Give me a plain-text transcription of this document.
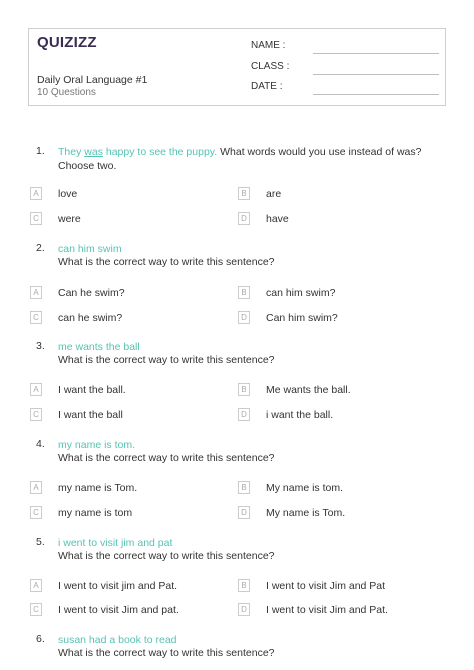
QUIZIZZ
Daily Oral Language #1
10 Questions
NAME :
CLASS :
DATE :
1. They was happy to see the puppy. What words would you use instead of was? Choose two.
A	love	B	are
C were	D have
2. can him swim
What is the correct way to write this sentence?
A	Can he swim?	B	can him swim?
C can he swim?	D Can him swim?
3. me wants the ball
What is the correct way to write this sentence?
A	I want the ball.	B	Me wants the ball.
C I want the ball	D i want the ball.
4. my name is tom.
What is the correct way to write this sentence?
A	my name is Tom.	B	My name is tom.
C my name is tom	D My name is Tom.
5. i went to visit jim and pat
What is the correct way to write this sentence?
A	I went to visit jim and Pat.	B	I went to visit Jim and Pat
C I went to visit Jim and pat.	D I went to visit Jim and Pat.
6. susan had a book to read
What is the correct way to write this sentence?
